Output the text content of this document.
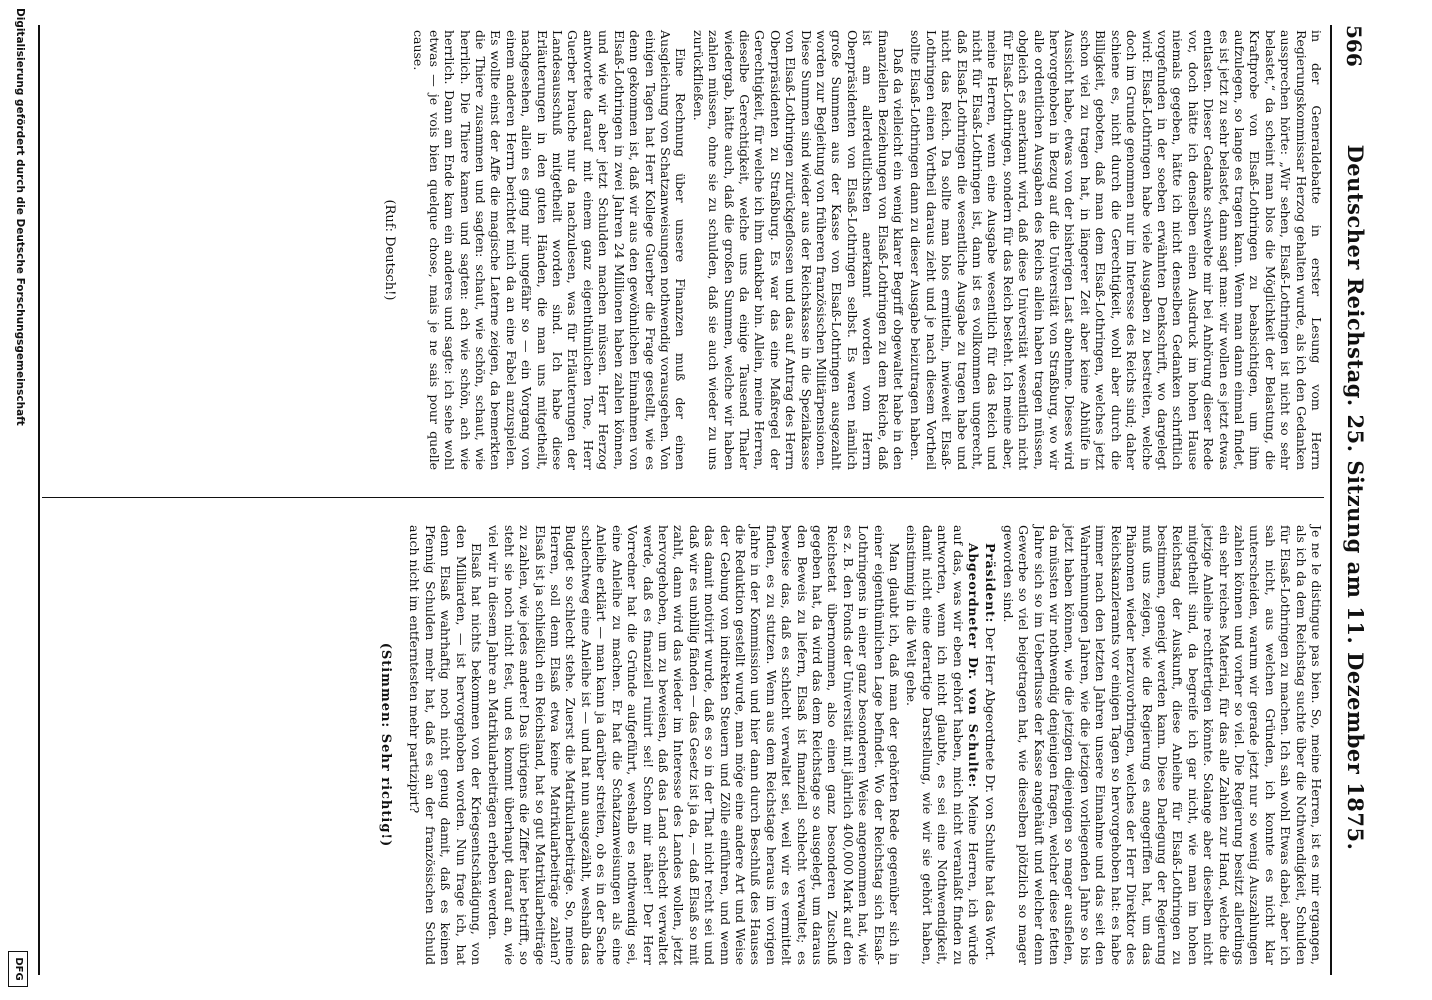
566
Deutscher Reichstag. 25. Sitzung am 11. Dezember 1875.

in der Generaldebatte in erster Lesung vom Herrn Regierungskommissar Herzog gehalten wurde, als ich den Gedanken aussprechen hörte: „Wir sehen, Elsaß-Lothringen ist nicht so sehr belastet,“ da scheint man blos die Möglichkeit der Belastung, die Kraftprobe von Elsaß-Lothringen zu beabsichtigen, um ihm aufzulegen, so lange es tragen kann. Wenn man dann einmal findet, es ist jetzt zu sehr belastet, dann sagt man: wir wollen es jetzt etwas entlasten. Dieser Gedanke schwebte mir bei Anhörung dieser Rede vor, doch hätte ich denselben einen Ausdruck im hohen Hause niemals gegeben, hätte ich nicht denselben Gedanken schriftlich vorgefunden in der soeben erwähnten Denkschrift, wo dargelegt wird: Elsaß-Lothringen habe viele Ausgaben zu bestreiten, welche doch im Grunde genommen nur im Interesse des Reichs sind; daher schiene es, nicht durch die Gerechtigkeit, wohl aber durch die Billigkeit, geboten, daß man dem Elsaß-Lothringen, welches jetzt schon viel zu tragen hat, in längerer Zeit aber keine Abhülfe in Aussicht habe, etwas von der bisherigen Last abnehme. Dieses wird hervorgehoben in Bezug auf die Universität von Straßburg, wo wir alle ordentlichen Ausgaben des Reichs allein haben tragen müssen, obgleich es anerkannt wird, daß diese Universität wesentlich nicht für Elsaß-Lothringen, sondern für das Reich besteht. Ich meine aber, meine Herren, wenn eine Ausgabe wesentlich für das Reich und nicht für Elsaß-Lothringen ist, dann ist es vollkommen ungerecht, daß Elsaß-Lothringen die wesentliche Ausgabe zu tragen habe und nicht das Reich. Da sollte man blos ermitteln, inwieweit Elsaß-Lothringen einen Vortheil daraus zieht und je nach diesem Vortheil sollte Elsaß-Lothringen dann zu dieser Ausgabe beizutragen haben.

Daß da vielleicht ein wenig klarer Begriff obgewaltet habe in den finanziellen Beziehungen von Elsaß-Lothringen zu dem Reiche, daß ist am allerdeutlichsten anerkannt worden vom Herrn Oberpräsidenten von Elsaß-Lothringen selbst. Es waren nämlich große Summen aus der Kasse von Elsaß-Lothringen ausgezahlt worden zur Begleitung von früheren französischen Militärpensionen. Diese Summen sind wieder aus der Reichskasse in die Spezialkasse von Elsaß-Lothringen zurückgeflossen und das auf Antrag des Herrn Oberpräsidenten zu Straßburg. Es war das eine Maßregel der Gerechtigkeit, für welche ich ihm dankbar bin. Allein, meine Herren, dieselbe Gerechtigkeit, welche uns da einige Tausend Thaler wiedergab, hätte auch, daß die großen Summen, welche wir haben zahlen müssen, ohne sie zu schulden, daß sie auch wieder zu uns zurückfließen.

Eine Rechnung über unsere Finanzen muß der einen Ausgleichung von Schatzanweisungen nothwendig vorausgehen. Von einigen Tagen hat Herr Kollege Guerber die Frage gestellt, wie es denn gekommen ist, daß wir aus den gewöhnlichen Einnahmen von Elsaß-Lothringen in zwei Jahren 24 Millionen haben zahlen können, und wie wir aber jetzt Schulden machen müssen. Herr Herzog antwortete darauf mit einem ganz eigenthümlichen Tone, Herr Guerber brauche nur da nachzulesen, was für Erläuterungen der Landesausschuß mitgetheilt worden sind. Ich habe diese Erläuterungen in den guten Händen, die man uns mitgetheilt, nachgesehen, allein es ging mir ungefähr so — ein Vorgang von einem anderen Herrn berichtet mich da an eine Fabel anzuspielen. Es wollte einst der Affe die magische Laterne zeigen, da bemerkten die Thiere zusammen und sagten: schaut, wie schön, schaut, wie herrlich. Die Thiere kamen und sagten: ach wie schön, ach wie herrlich. Dann am Ende kam ein anderes und sagte: ich sehe wohl etwas — je vois bien quelque chose, mais je ne sais pour quelle cause.

(Ruf: Deutsch!)

Je ne le distingue pas bien. So, meine Herren, ist es mir ergangen, als ich da dem Reichstag suchte über die Nothwendigkeit, Schulden für Elsaß-Lothringen zu machen. Ich sah wohl Etwas dabei, aber ich sah nicht, aus welchen Gründen, ich konnte es nicht klar unterscheiden, warum wir gerade jetzt nur so wenig Auszahlungen zahlen können und vorher so viel. Die Regierung besitzt allerdings ein sehr reiches Material, für das alle Zahlen zur Hand, welche die jetzige Anleihe rechtfertigen könnte. Solange aber dieselben nicht mitgetheilt sind, da begreife ich gar nicht, wie man im hohen Reichstag der Auskunft, diese Anleihe für Elsaß-Lothringen zu bestimmen, geneigt werden kann. Diese Darlegung der Regierung muß uns zeigen, wie die Regierung es angegriffen hat, um das Phänomen wieder herzuvorbringen, welches der Herr Direktor des Reichskanzleramts vor einigen Tagen so hervorgehoben hat: es habe immer nach den letzten Jahren unsere Einnahme und das seit den Wahrnehmungen Jahren, wie die jetzigen vorliegenden Jahre so bis jetzt haben können, wie die jetzigen diejenigen so mager ausfielen, da müssten wir nothwendig denjenigen fragen, welcher diese fetten Jahre sich so im Ueberflusse der Kasse angehäuft und welcher denn Gewerbe so viel beigetragen hat, wie dieselben plötzlich so mager geworden sind.

Präsident: Der Herr Abgeordnete Dr. von Schulte hat das Wort.

Abgeordneter Dr. von Schulte: Meine Herren, ich würde auf das, was wir eben gehört haben, mich nicht veranlaßt finden zu antworten, wenn ich nicht glaubte, es sei eine Nothwendigkeit, damit nicht eine derartige Darstellung, wie wir sie gehört haben, einstimmig in die Welt gehe.

Man glaubt ich, daß man der gehörten Rede gegenüber sich in einer eigenthümlichen Lage befindet. Wo der Reichstag sich Elsaß-Lothringens in einer ganz besonderen Weise angenommen hat, wie es z. B. den Fonds der Universität mit jährlich 400,000 Mark auf den Reichsetat übernommen, also einen ganz besonderen Zuschuß gegeben hat, da wird das dem Reichstage so ausgelegt, um daraus den Beweis zu liefern, Elsaß ist finanziell schlecht verwaltet; es beweise das, daß es schlecht verwaltet sei, weil wir es vermittelt finden, es zu stutzen. Wenn aus dem Reichstage heraus im vorigen Jahre in der Kommission und hier dann durch Beschluß des Hauses die Reduktion gestellt wurde, man möge eine andere Art und Weise der Gebung von indirekten Steuern und Zölle einführen, und wenn das damit motivirt wurde, daß es so in der That nicht recht sei und daß wir es unbillig fänden — das Gesetz ist ja da, — daß Elsaß so mit zahlt, dann wird das wieder im Interesse des Landes wollen, jetzt hervorgehoben, um zu beweisen, daß das Land schlecht verwaltet werde, daß es finanziell ruinirt sei! Schon mir näher! Der Herr Vorredner hat die Gründe aufgeführt, weshalb es nothwendig sei, eine Anleihe zu machen. Er hat die Schatzanweisungen als eine Anleihe erklärt — man kann ja darüber streiten, ob es in der Sache schlechtweg eine Anleihe ist — und hat nun ausgezählt, weshalb das Budget so schlecht stehe. Zuerst die Matrikularbeiträge. So, meine Herren, soll denn Elsaß etwa keine Matrikularbeiträge zahlen? Elsaß ist ja schließlich ein Reichsland, hat so gut Matrikularbeiträge zu zahlen, wie jedes andere! Das übrigens die Ziffer hier betrifft, so steht sie noch nicht fest, und es kommt überhaupt darauf an, wie viel wir in diesem Jahre an Matrikularbeiträgen erheben werden.

Elsaß hat nichts bekommen von der Kriegsentschädigung, von den Milliarden, — ist hervorgehoben worden. Nun frage ich, hat denn Elsaß wahrhaftig noch nicht genug damit, daß es keinen Pfennig Schulden mehr hat, daß es an der französischen Schuld auch nicht im entferntesten mehr partizipirt?

(Stimmen: Sehr richtig!)
Digitalisierung gefördert durch die Deutsche Forschungsgemeinschaft
DFG
